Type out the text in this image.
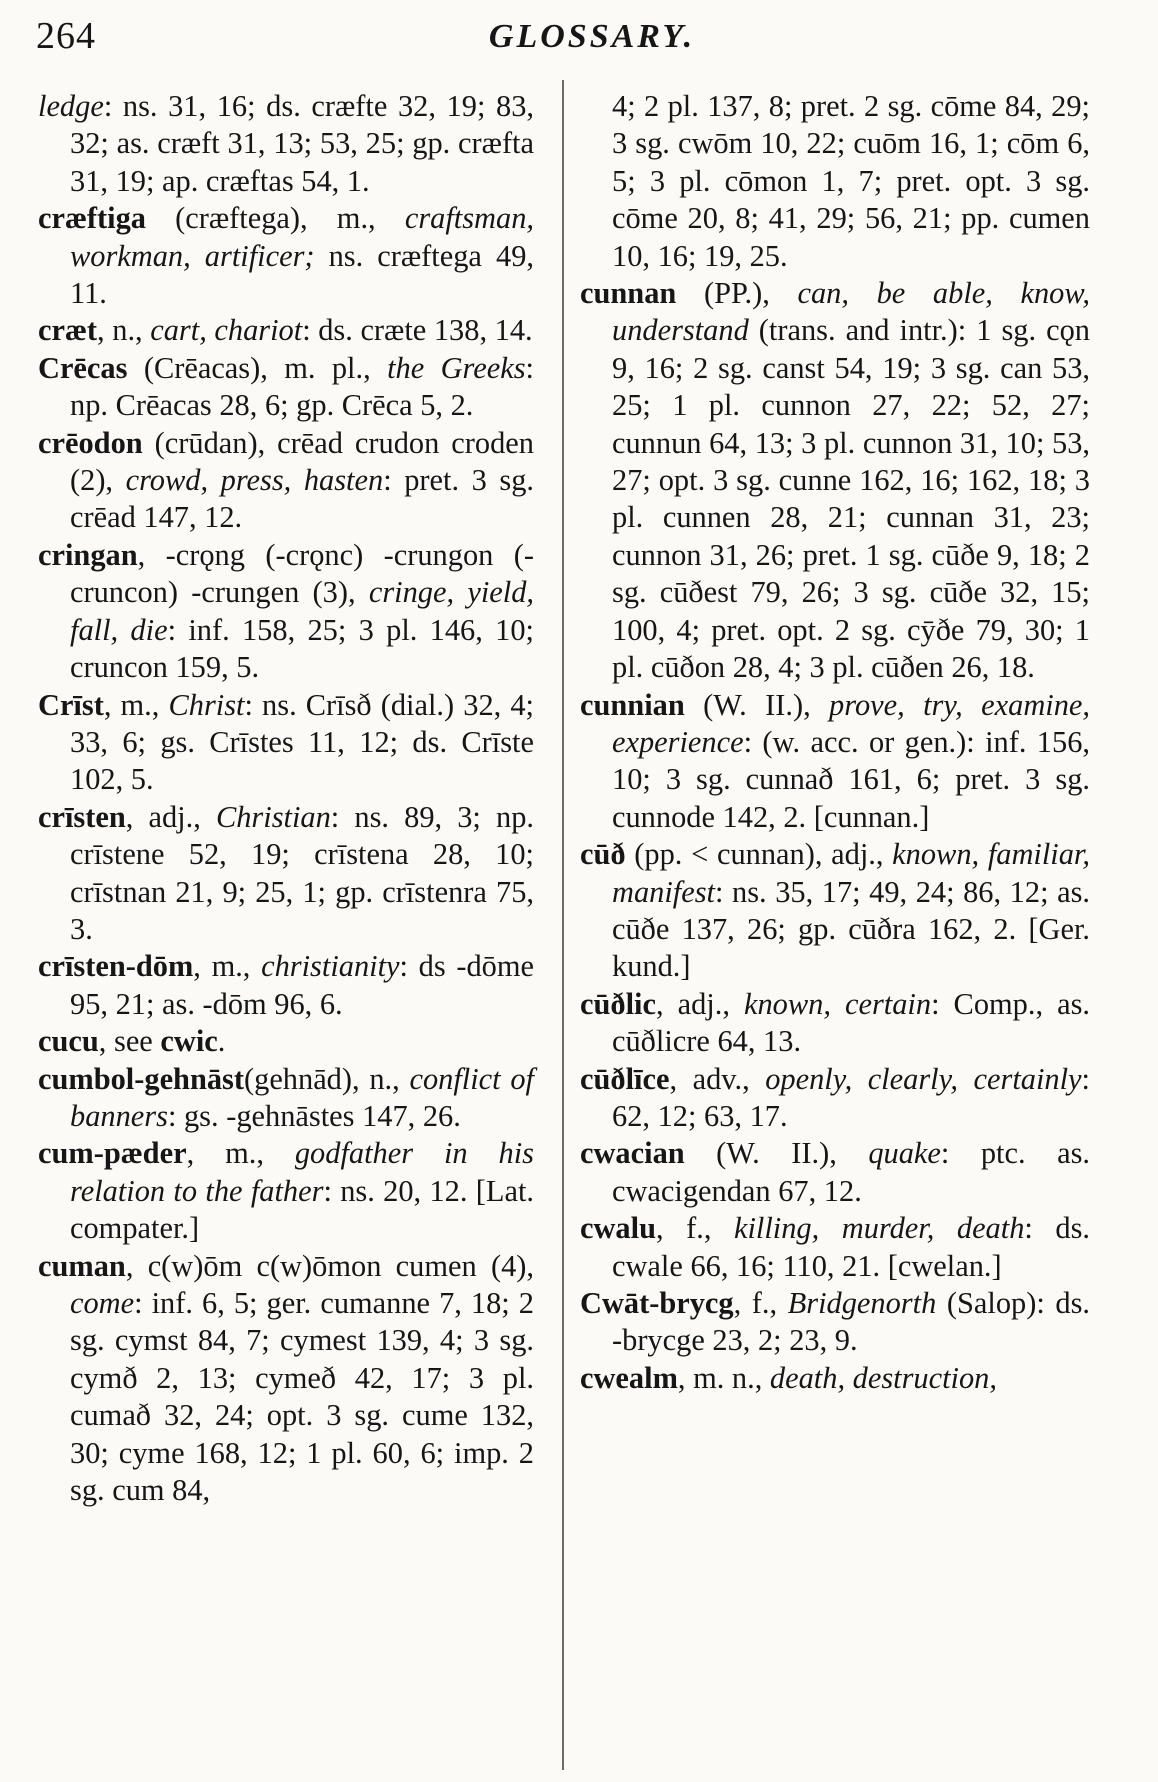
264	GLOSSARY.

ledge: ns. 31, 16; ds. cræfte 32, 19; 83, 32; as. cræft 31, 13; 53, 25; gp. cræfta 31, 19; ap. cræftas 54, 1.

cræftiga (cræftega), m., craftsman, workman, artificer; ns. cræftega 49, 11.

cræt, n., cart, chariot: ds. cræte 138, 14.

Crēcas (Crēacas), m. pl., the Greeks: np. Crēacas 28, 6; gp. Crēca 5, 2.

crēodon (crūdan), crēad crudon croden (2), crowd, press, hasten: pret. 3 sg. crēad 147, 12.

cringan, -crǫng (-crǫnc) -crungon (-cruncon) -crungen (3), cringe, yield, fall, die: inf. 158, 25; 3 pl. 146, 10; cruncon 159, 5.

Crīst, m., Christ: ns. Crīsð (dial.) 32, 4; 33, 6; gs. Crīstes 11, 12; ds. Crīste 102, 5.

crīsten, adj., Christian: ns. 89, 3; np. crīstene 52, 19; crīstena 28, 10; crīstnan 21, 9; 25, 1; gp. crīstenra 75, 3.

crīsten-dōm, m., christianity: ds -dōme 95, 21; as. -dōm 96, 6.

cucu, see cwic.

cumbol-gehnāst(gehnād), n., conflict of banners: gs. -gehnāstes 147, 26.

cum-pæder, m., godfather in his relation to the father: ns. 20, 12. [Lat. compater.]

cuman, c(w)ōm c(w)ōmon cumen (4), come: inf. 6, 5; ger. cumanne 7, 18; 2 sg. cymst 84, 7; cymest 139, 4; 3 sg. cymð 2, 13; cymeð 42, 17; 3 pl. cumað 32, 24; opt. 3 sg. cume 132, 30; cyme 168, 12; 1 pl. 60, 6; imp. 2 sg. cum 84,

4; 2 pl. 137, 8; pret. 2 sg. cōme 84, 29; 3 sg. cwōm 10, 22; cuōm 16, 1; cōm 6, 5; 3 pl. cōmon 1, 7; pret. opt. 3 sg. cōme 20, 8; 41, 29; 56, 21; pp. cumen 10, 16; 19, 25.

cunnan (PP.), can, be able, know, understand (trans. and intr.): 1 sg. cǫn 9, 16; 2 sg. canst 54, 19; 3 sg. can 53, 25; 1 pl. cunnon 27, 22; 52, 27; cunnun 64, 13; 3 pl. cunnon 31, 10; 53, 27; opt. 3 sg. cunne 162, 16; 162, 18; 3 pl. cunnen 28, 21; cunnan 31, 23; cunnon 31, 26; pret. 1 sg. cūðe 9, 18; 2 sg. cūðest 79, 26; 3 sg. cūðe 32, 15; 100, 4; pret. opt. 2 sg. cȳðe 79, 30; 1 pl. cūðon 28, 4; 3 pl. cūðen 26, 18.

cunnian (W. II.), prove, try, examine, experience: (w. acc. or gen.): inf. 156, 10; 3 sg. cunnað 161, 6; pret. 3 sg. cunnode 142, 2. [cunnan.]

cūð (pp. < cunnan), adj., known, familiar, manifest: ns. 35, 17; 49, 24; 86, 12; as. cūðe 137, 26; gp. cūðra 162, 2. [Ger. kund.]

cūðlic, adj., known, certain: Comp., as. cūðlicre 64, 13.

cūðlīce, adv., openly, clearly, certainly: 62, 12; 63, 17.

cwacian (W. II.), quake: ptc. as. cwacigendan 67, 12.

cwalu, f., killing, murder, death: ds. cwale 66, 16; 110, 21. [cwelan.]

Cwāt-brycg, f., Bridgenorth (Salop): ds. -brycge 23, 2; 23, 9.

cwealm, m. n., death, destruction,
